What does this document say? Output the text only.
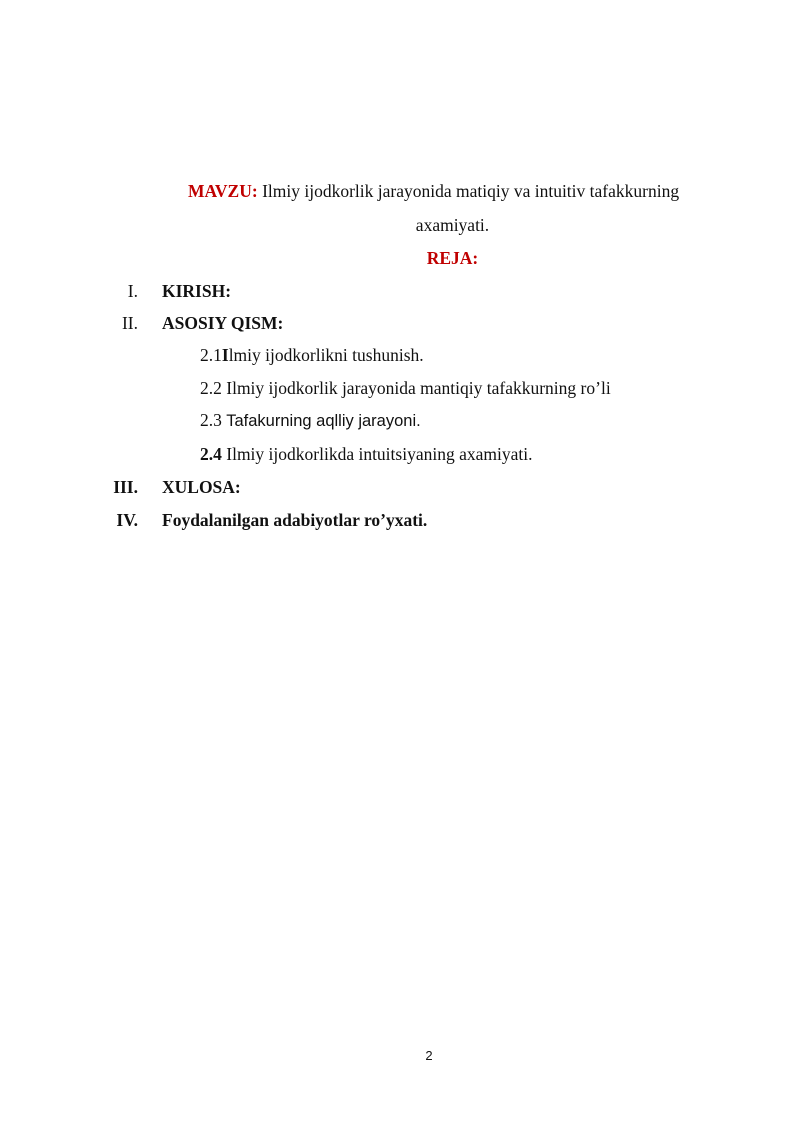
MAVZU: Ilmiy ijodkorlik jarayonida matiqiy va intuitiv tafakkurning
axamiyati.
REJA:
I. KIRISH:
II. ASOSIY QISM:
2.1Ilmiy ijodkorlikni tushunish.
2.2 Ilmiy ijodkorlik jarayonida mantiqiy tafakkurning ro’li
2.3 Tafakurning aqlliy jarayoni.
2.4 Ilmiy ijodkorlikda intuitsiyaning axamiyati.
III. XULOSA:
IV. Foydalanilgan adabiyotlar ro’yxati.
2
